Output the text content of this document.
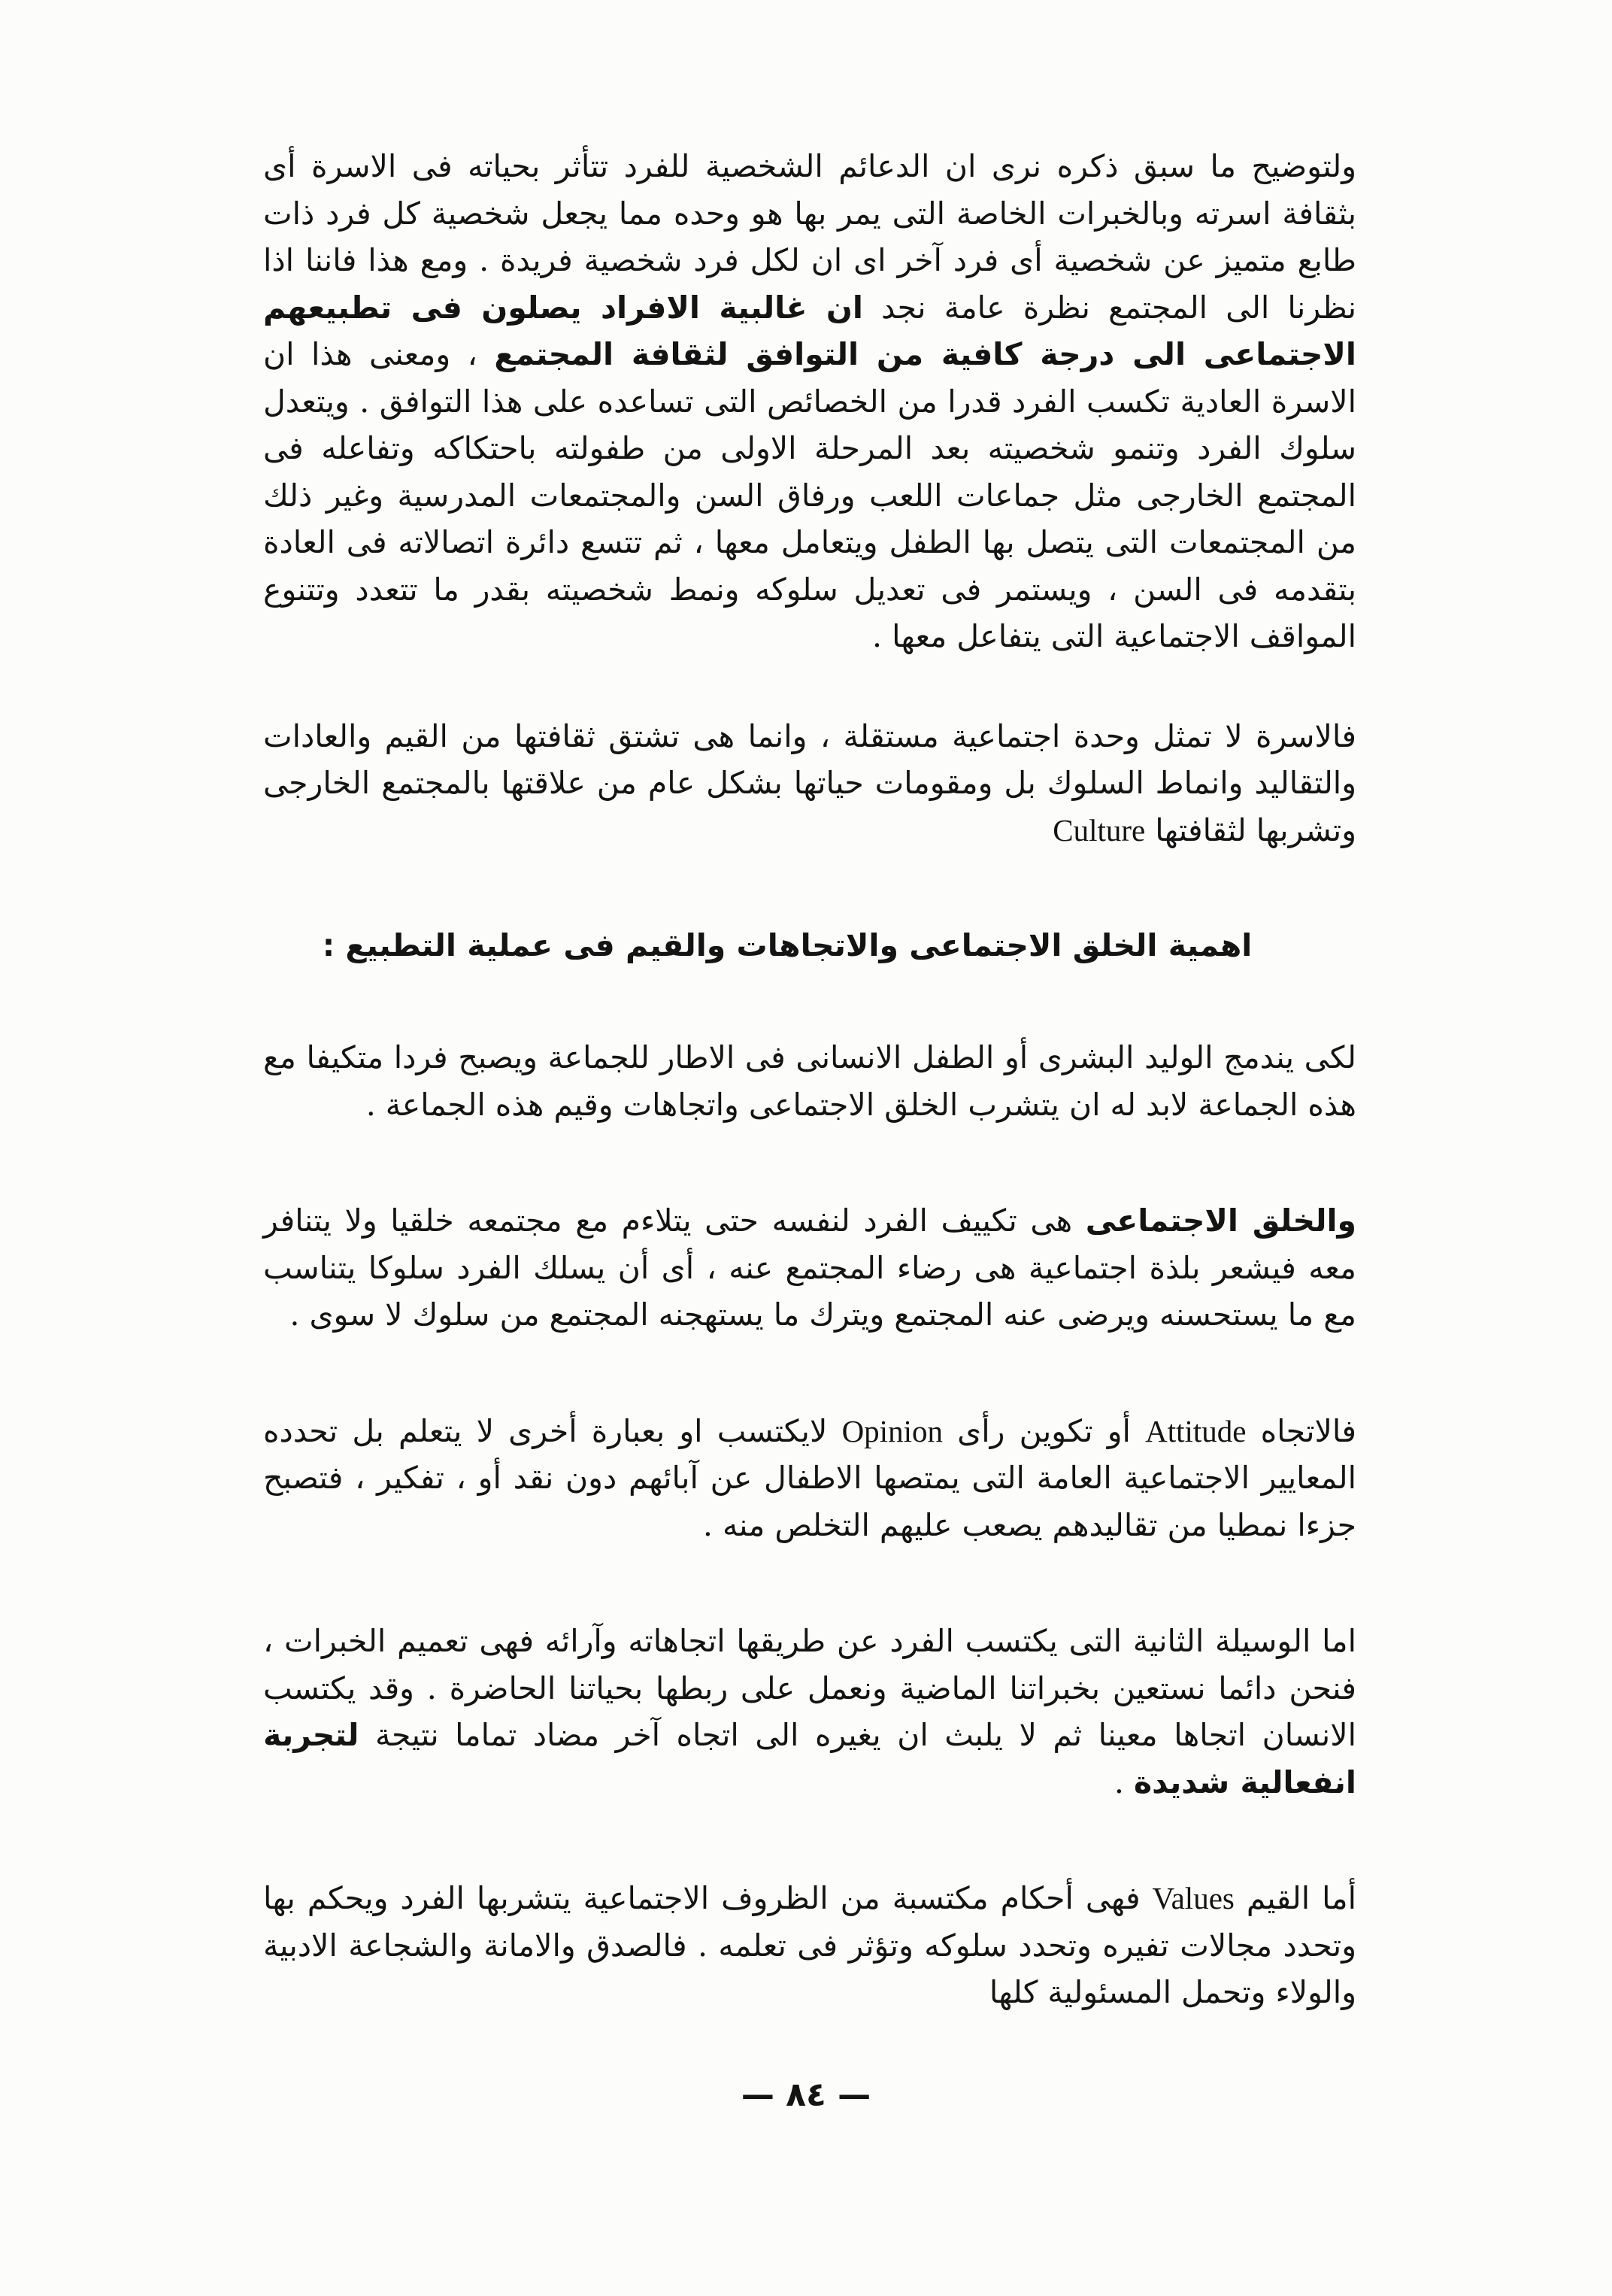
ولتوضيح ما سبق ذكره نرى ان الدعائم الشخصية للفرد تتأثر بحياته فى الاسرة أى بثقافة اسرته وبالخبرات الخاصة التى يمر بها هو وحده مما يجعل شخصية كل فرد ذات طابع متميز عن شخصية أى فرد آخر اى ان لكل فرد شخصية فريدة . ومع هذا فاننا اذا نظرنا الى المجتمع نظرة عامة نجد ان غالبية الافراد يصلون فى تطبيعهم الاجتماعى الى درجة كافية من التوافق لثقافة المجتمع ، ومعنى هذا ان الاسرة العادية تكسب الفرد قدرا من الخصائص التى تساعده على هذا التوافق . ويتعدل سلوك الفرد وتنمو شخصيته بعد المرحلة الاولى من طفولته باحتكاكه وتفاعله فى المجتمع الخارجى مثل جماعات اللعب ورفاق السن والمجتمعات المدرسية وغير ذلك من المجتمعات التى يتصل بها الطفل ويتعامل معها ، ثم تتسع دائرة اتصالاته فى العادة بتقدمه فى السن ، ويستمر فى تعديل سلوكه ونمط شخصيته بقدر ما تتعدد وتتنوع المواقف الاجتماعية التى يتفاعل معها .

فالاسرة لا تمثل وحدة اجتماعية مستقلة ، وانما هى تشتق ثقافتها من القيم والعادات والتقاليد وانماط السلوك بل ومقومات حياتها بشكل عام من علاقتها بالمجتمع الخارجى وتشربها لثقافتها Culture

اهمية الخلق الاجتماعى والاتجاهات والقيم فى عملية التطبيع :

لكى يندمج الوليد البشرى أو الطفل الانسانى فى الاطار للجماعة ويصبح فردا متكيفا مع هذه الجماعة لابد له ان يتشرب الخلق الاجتماعى واتجاهات وقيم هذه الجماعة .

والخلق الاجتماعى هى تكييف الفرد لنفسه حتى يتلاءم مع مجتمعه خلقيا ولا يتنافر معه فيشعر بلذة اجتماعية هى رضاء المجتمع عنه ، أى أن يسلك الفرد سلوكا يتناسب مع ما يستحسنه ويرضى عنه المجتمع ويترك ما يستهجنه المجتمع من سلوك لا سوى .

فالاتجاه Attitude أو تكوين رأى Opinion لايكتسب او بعبارة أخرى لا يتعلم بل تحدده المعايير الاجتماعية العامة التى يمتصها الاطفال عن آبائهم دون نقد أو ، تفكير ، فتصبح جزءا نمطيا من تقاليدهم يصعب عليهم التخلص منه .

اما الوسيلة الثانية التى يكتسب الفرد عن طريقها اتجاهاته وآرائه فهى تعميم الخبرات ، فنحن دائما نستعين بخبراتنا الماضية ونعمل على ربطها بحياتنا الحاضرة . وقد يكتسب الانسان اتجاها معينا ثم لا يلبث ان يغيره الى اتجاه آخر مضاد تماما نتيجة لتجربة انفعالية شديدة .

أما القيم Values فهى أحكام مكتسبة من الظروف الاجتماعية يتشربها الفرد ويحكم بها وتحدد مجالات تفيره وتحدد سلوكه وتؤثر فى تعلمه . فالصدق والامانة والشجاعة الادبية والولاء وتحمل المسئولية كلها

— ٨٤ —
